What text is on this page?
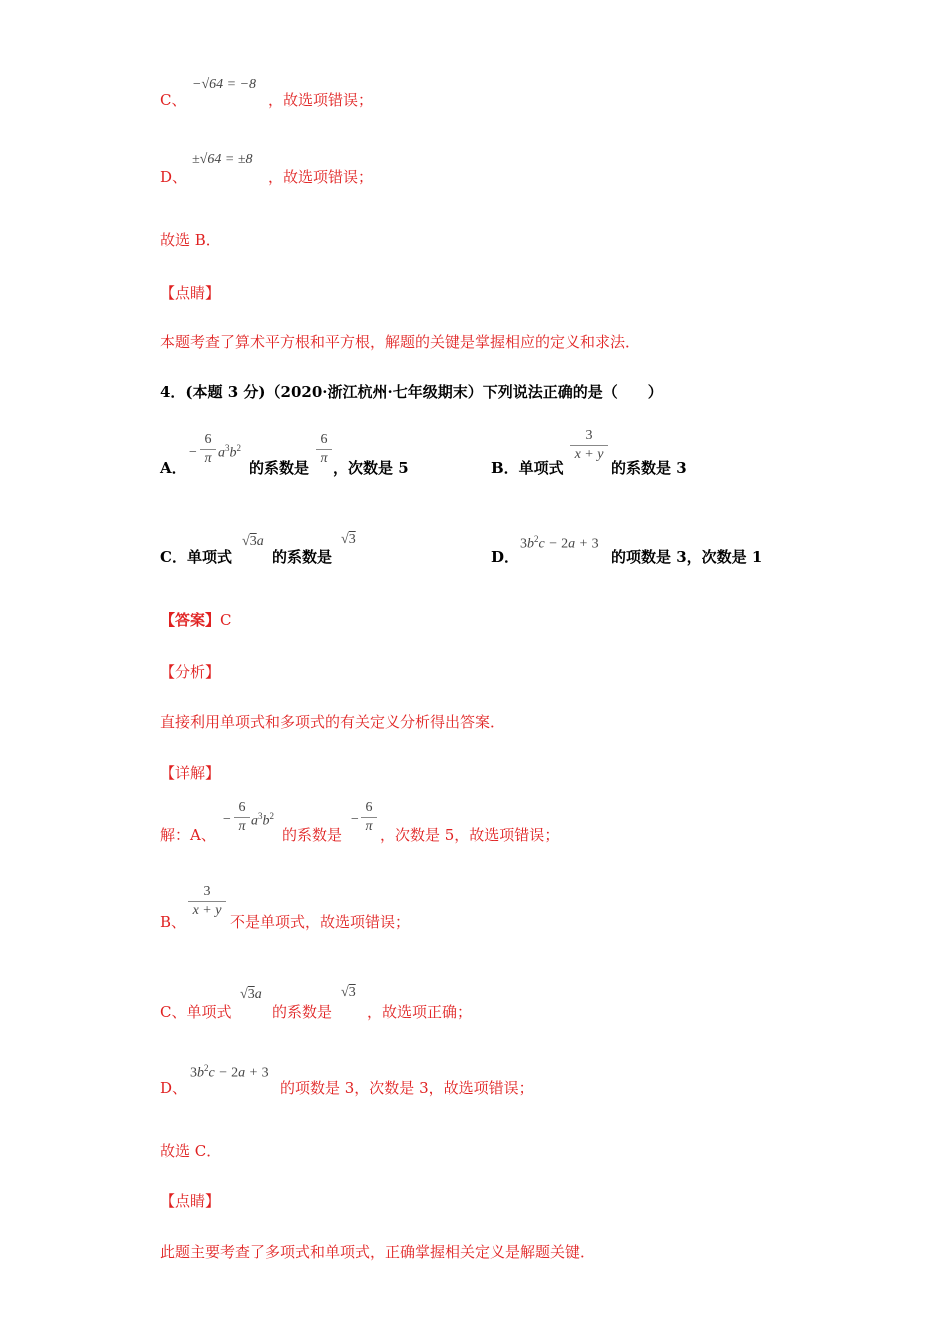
C、
−√64 = −8
，故选项错误；
D、
±√64 = ±8
，故选项错误；
故选 B．
【点睛】
本题考查了算术平方根和平方根，解题的关键是掌握相应的定义和求法．
4．(本题 3 分)（2020·浙江杭州·七年级期末）下列说法正确的是（　　）
A．
−
6
π $a^3b^2$
的系数是
6
π
，次数是 5	B．单项式
3
x + y
的系数是 3
C．单项式
√3a
的系数是
√3
D．
$3b^2c - 2a + 3$
的项数是 3，次数是 1
【答案】C
【分析】
直接利用单项式和多项式的有关定义分析得出答案．
【详解】
解：A、
−
6
π $a^3b^2$
的系数是
−
6
π ，次数是 5，故选项错误；
B、
3
x + y
不是单项式，故选项错误；
C、单项式
√3a
的系数是
√3
，故选项正确；
D、
$3b^2c - 2a + 3$
的项数是 3，次数是 3，故选项错误；
故选 C．
【点睛】
此题主要考查了多项式和单项式，正确掌握相关定义是解题关键．
